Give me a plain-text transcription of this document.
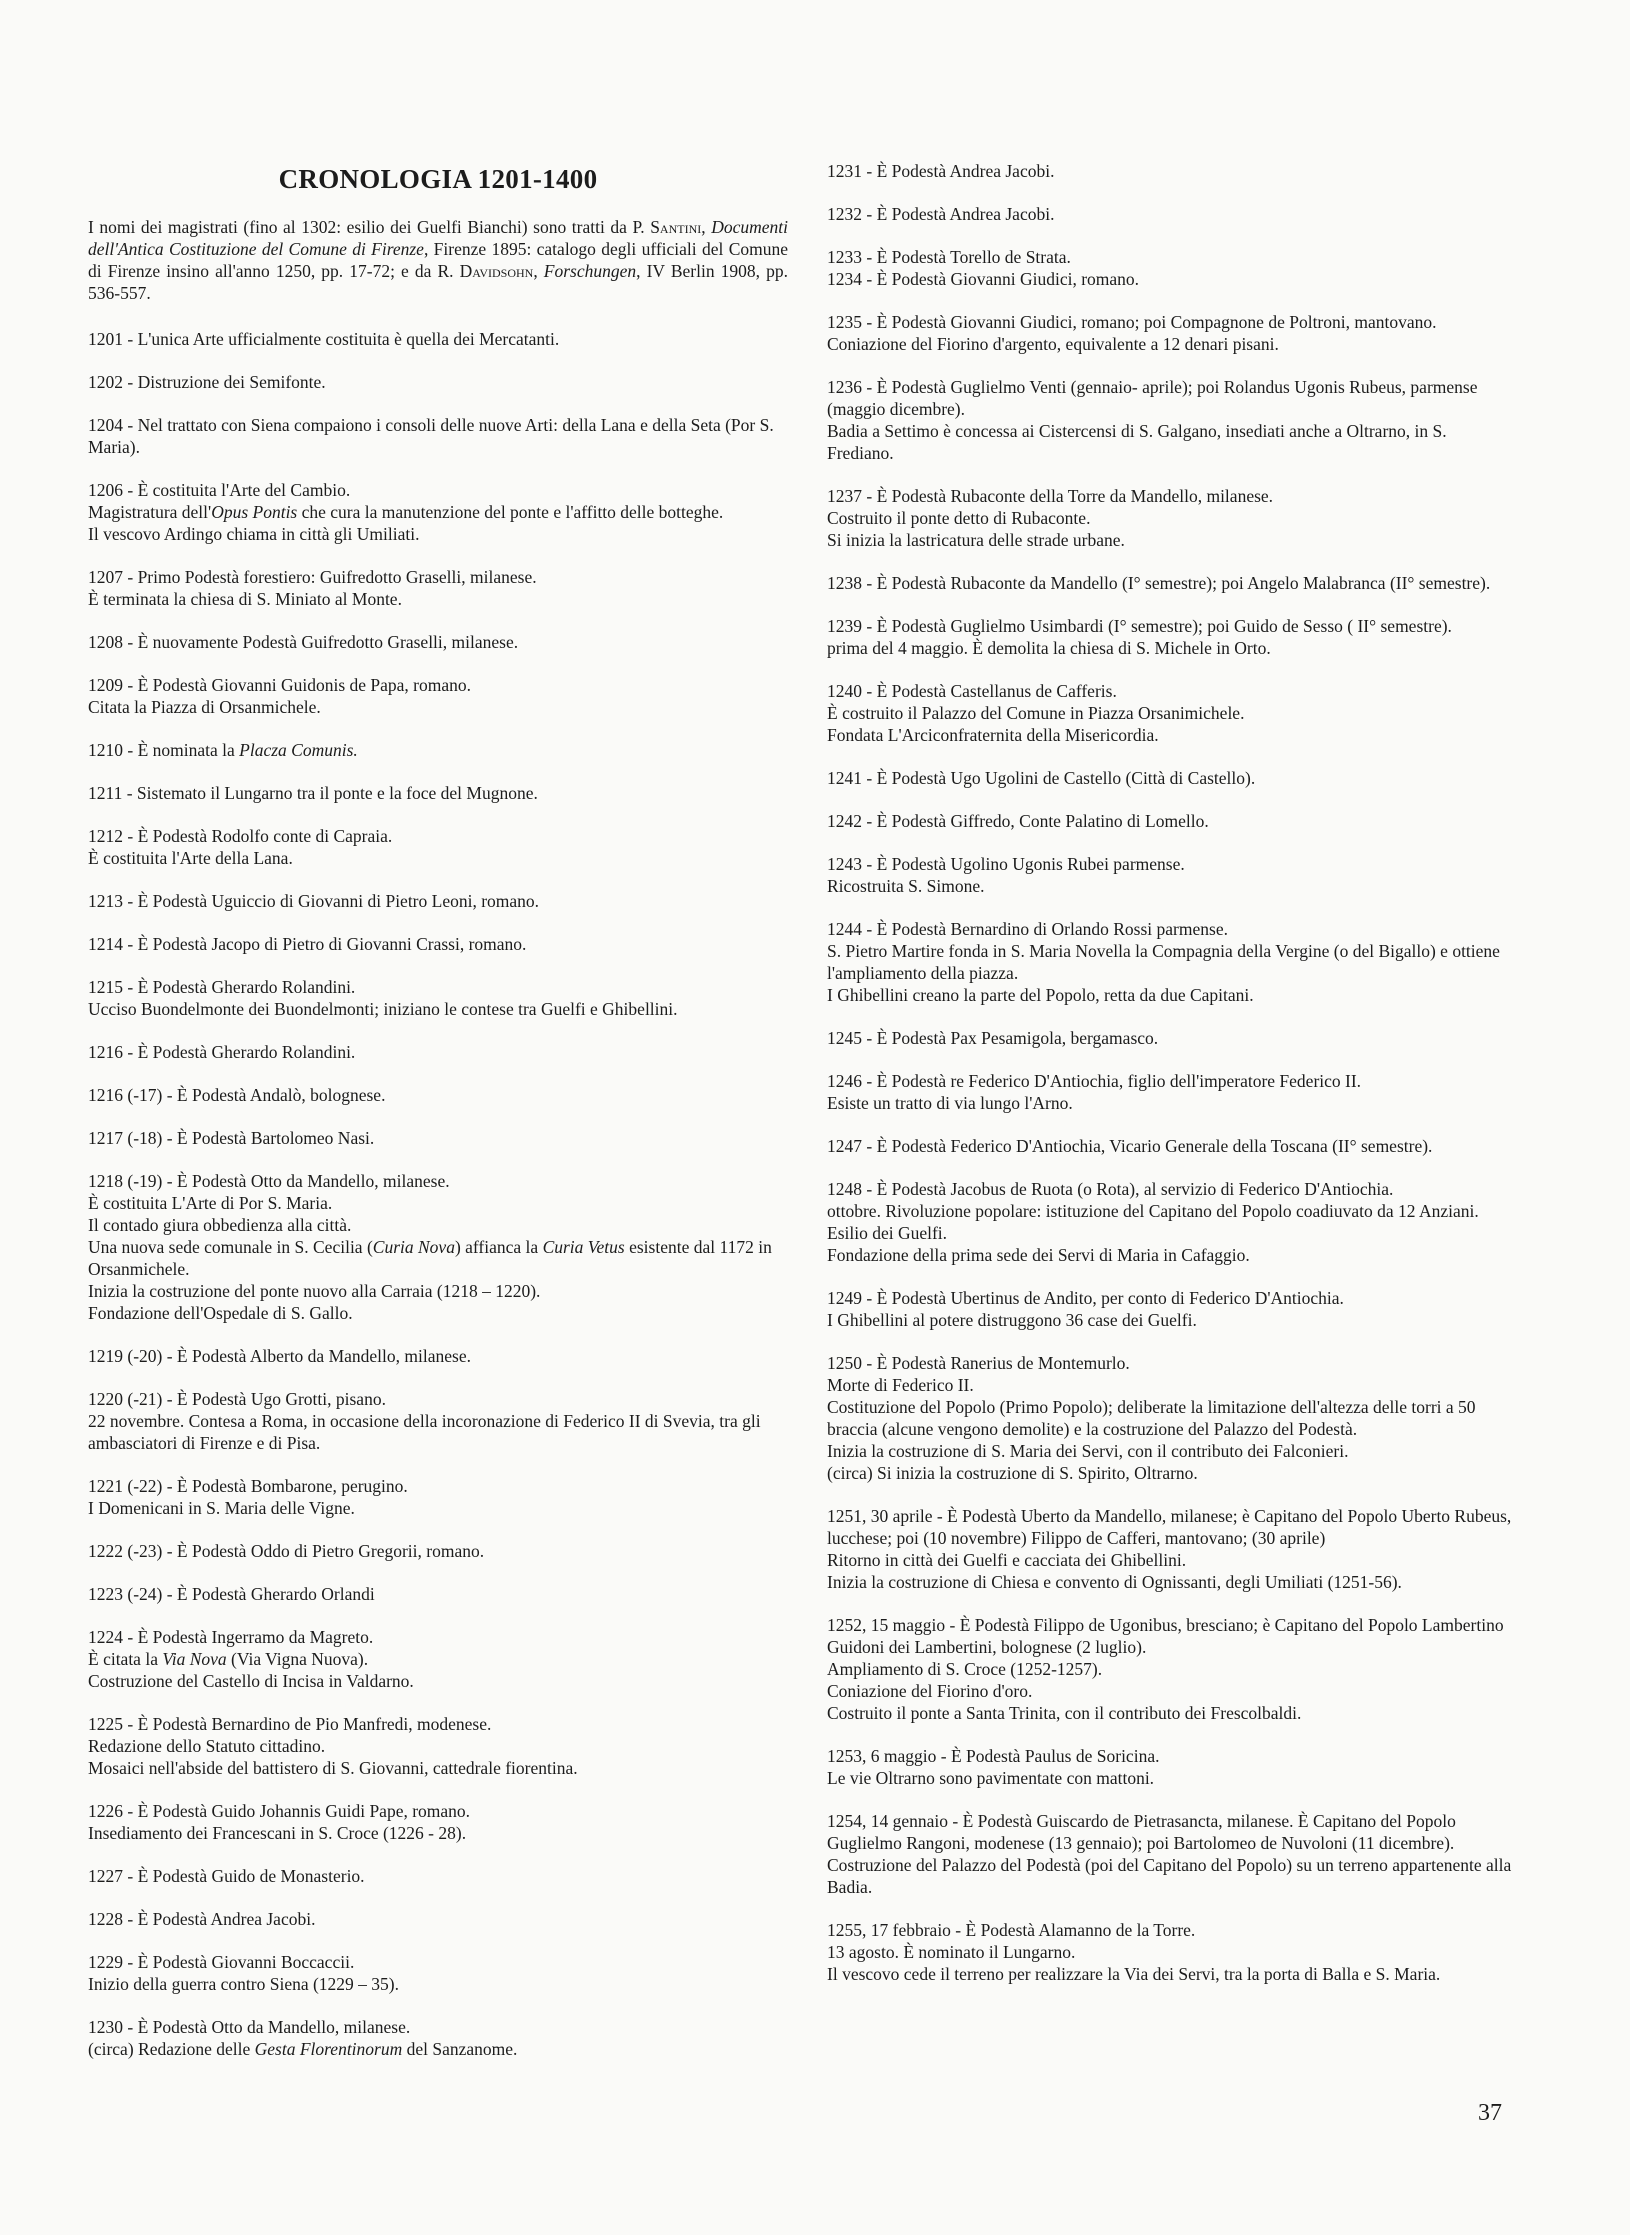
CRONOLOGIA 1201-1400

I nomi dei magistrati (fino al 1302: esilio dei Guelfi Bianchi) sono tratti da P. Santini, Documenti dell'Antica Costituzione del Comune di Firenze, Firenze 1895: catalogo degli ufficiali del Comune di Firenze insino all'anno 1250, pp. 17-72; e da R. Davidsohn, Forschungen, IV Berlin 1908, pp. 536-557.

1201 - L'unica Arte ufficialmente costituita è quella dei Mercatanti.

1202 - Distruzione dei Semifonte.

1204 - Nel trattato con Siena compaiono i consoli delle nuove Arti: della Lana e della Seta (Por S. Maria).

1206 - È costituita l'Arte del Cambio.

Magistratura dell'Opus Pontis che cura la manutenzione del ponte e l'affitto delle botteghe.

Il vescovo Ardingo chiama in città gli Umiliati.

1207 - Primo Podestà forestiero: Guifredotto Graselli, milanese.

È terminata la chiesa di S. Miniato al Monte.

1208 - È nuovamente Podestà Guifredotto Graselli, milanese.

1209 - È Podestà Giovanni Guidonis de Papa, romano.

Citata la Piazza di Orsanmichele.

1210 - È nominata la Placza Comunis.

1211 - Sistemato il Lungarno tra il ponte e la foce del Mugnone.

1212 - È Podestà Rodolfo conte di Capraia.

È costituita l'Arte della Lana.

1213 - È Podestà Uguiccio di Giovanni di Pietro Leoni, romano.

1214 - È Podestà Jacopo di Pietro di Giovanni Crassi, romano.

1215 - È Podestà Gherardo Rolandini.

Ucciso Buondelmonte dei Buondelmonti; iniziano le contese tra Guelfi e Ghibellini.

1216 - È Podestà Gherardo Rolandini.

1216 (-17) - È Podestà Andalò, bolognese.

1217 (-18) - È Podestà Bartolomeo Nasi.

1218 (-19) - È Podestà Otto da Mandello, milanese.

È costituita L'Arte di Por S. Maria.

Il contado giura obbedienza alla città.

Una nuova sede comunale in S. Cecilia (Curia Nova) affianca la Curia Vetus esistente dal 1172 in Orsanmichele.

Inizia la costruzione del ponte nuovo alla Carraia (1218 – 1220).

Fondazione dell'Ospedale di S. Gallo.

1219 (-20) - È Podestà Alberto da Mandello, milanese.

1220 (-21) - È Podestà Ugo Grotti, pisano.

22 novembre. Contesa a Roma, in occasione della incoronazione di Federico II di Svevia, tra gli ambasciatori di Firenze e di Pisa.

1221 (-22) - È Podestà Bombarone, perugino.

I Domenicani in S. Maria delle Vigne.

1222 (-23) - È Podestà Oddo di Pietro Gregorii, romano.

1223 (-24) - È Podestà Gherardo Orlandi

1224 - È Podestà Ingerramo da Magreto.

È citata la Via Nova (Via Vigna Nuova).

Costruzione del Castello di Incisa in Valdarno.

1225 - È Podestà Bernardino de Pio Manfredi, modenese.

Redazione dello Statuto cittadino.

Mosaici nell'abside del battistero di S. Giovanni, cattedrale fiorentina.

1226 - È Podestà Guido Johannis Guidi Pape, romano.

Insediamento dei Francescani in S. Croce (1226 - 28).

1227 - È Podestà Guido de Monasterio.

1228 - È Podestà Andrea Jacobi.

1229 - È Podestà Giovanni Boccaccii.

Inizio della guerra contro Siena (1229 – 35).

1230 - È Podestà Otto da Mandello, milanese.

(circa) Redazione delle Gesta Florentinorum del Sanzanome.

1231 - È Podestà Andrea Jacobi.

1232 - È Podestà Andrea Jacobi.

1233 - È Podestà Torello de Strata.

1234 - È Podestà Giovanni Giudici, romano.

1235 - È Podestà Giovanni Giudici, romano; poi Compagnone de Poltroni, mantovano.

Coniazione del Fiorino d'argento, equivalente a 12 denari pisani.

1236 - È Podestà Guglielmo Venti (gennaio- aprile); poi Rolandus Ugonis Rubeus, parmense (maggio dicembre).

Badia a Settimo è concessa ai Cistercensi di S. Galgano, insediati anche a Oltrarno, in S. Frediano.

1237 - È Podestà Rubaconte della Torre da Mandello, milanese.

Costruito il ponte detto di Rubaconte.

Si inizia la lastricatura delle strade urbane.

1238 - È Podestà Rubaconte da Mandello (I° semestre); poi Angelo Malabranca (II° semestre).

1239 - È Podestà Guglielmo Usimbardi (I° semestre); poi Guido de Sesso ( II° semestre).

prima del 4 maggio. È demolita la chiesa di S. Michele in Orto.

1240 - È Podestà Castellanus de Cafferis.

È costruito il Palazzo del Comune in Piazza Orsanimichele.

Fondata L'Arciconfraternita della Misericordia.

1241 - È Podestà Ugo Ugolini de Castello (Città di Castello).

1242 - È Podestà Giffredo, Conte Palatino di Lomello.

1243 - È Podestà Ugolino Ugonis Rubei parmense.

Ricostruita S. Simone.

1244 - È Podestà Bernardino di Orlando Rossi parmense.

S. Pietro Martire fonda in S. Maria Novella la Compagnia della Vergine (o del Bigallo) e ottiene l'ampliamento della piazza.

I Ghibellini creano la parte del Popolo, retta da due Capitani.

1245 - È Podestà Pax Pesamigola, bergamasco.

1246 - È Podestà re Federico D'Antiochia, figlio dell'imperatore Federico II.

Esiste un tratto di via lungo l'Arno.

1247 - È Podestà Federico D'Antiochia, Vicario Generale della Toscana (II° semestre).

1248 - È Podestà Jacobus de Ruota (o Rota), al servizio di Federico D'Antiochia.

ottobre. Rivoluzione popolare: istituzione del Capitano del Popolo coadiuvato da 12 Anziani.

Esilio dei Guelfi.

Fondazione della prima sede dei Servi di Maria in Cafaggio.

1249 - È Podestà Ubertinus de Andito, per conto di Federico D'Antiochia.

I Ghibellini al potere distruggono 36 case dei Guelfi.

1250 - È Podestà Ranerius de Montemurlo.

Morte di Federico II.

Costituzione del Popolo (Primo Popolo); deliberate la limitazione dell'altezza delle torri a 50 braccia (alcune vengono demolite) e la costruzione del Palazzo del Podestà.

Inizia la costruzione di S. Maria dei Servi, con il contributo dei Falconieri.

(circa) Si inizia la costruzione di S. Spirito, Oltrarno.

1251, 30 aprile - È Podestà Uberto da Mandello, milanese; è Capitano del Popolo Uberto Rubeus, lucchese; poi (10 novembre) Filippo de Cafferi, mantovano; (30 aprile)

Ritorno in città dei Guelfi e cacciata dei Ghibellini.

Inizia la costruzione di Chiesa e convento di Ognissanti, degli Umiliati (1251-56).

1252, 15 maggio - È Podestà Filippo de Ugonibus, bresciano; è Capitano del Popolo Lambertino Guidoni dei Lambertini, bolognese (2 luglio).

Ampliamento di S. Croce (1252-1257).

Coniazione del Fiorino d'oro.

Costruito il ponte a Santa Trinita, con il contributo dei Frescolbaldi.

1253, 6 maggio - È Podestà Paulus de Soricina.

Le vie Oltrarno sono pavimentate con mattoni.

1254, 14 gennaio - È Podestà Guiscardo de Pietrasancta, milanese. È Capitano del Popolo Guglielmo Rangoni, modenese (13 gennaio); poi Bartolomeo de Nuvoloni (11 dicembre).

Costruzione del Palazzo del Podestà (poi del Capitano del Popolo) su un terreno appartenente alla Badia.

1255, 17 febbraio - È Podestà Alamanno de la Torre.

13 agosto. È nominato il Lungarno.

Il vescovo cede il terreno per realizzare la Via dei Servi, tra la porta di Balla e S. Maria.

37
